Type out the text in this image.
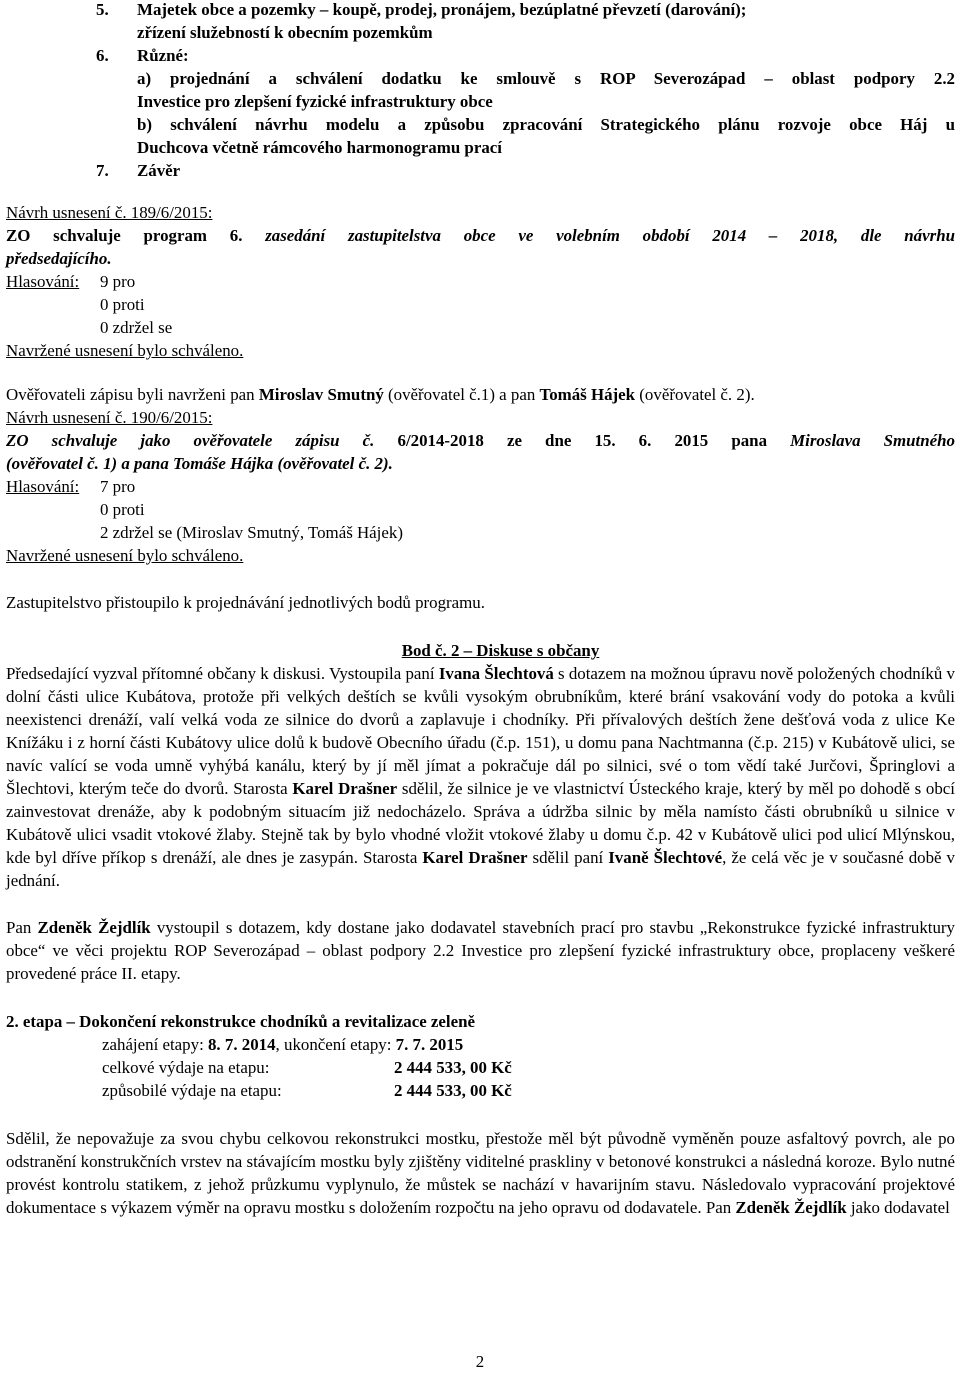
5. Majetek obce a pozemky – koupě, prodej, pronájem, bezúplatné převzetí (darování);
zřízení služebností k obecním pozemkům
6. Různé:
a) projednání a schválení dodatku ke smlouvě s ROP Severozápad – oblast podpory 2.2
Investice pro zlepšení fyzické infrastruktury obce
b) schválení návrhu modelu a způsobu zpracování Strategického plánu rozvoje obce Háj u
Duchcova včetně rámcového harmonogramu prací
7. Závěr
Návrh usnesení č. 189/6/2015:
ZO schvaluje program 6. zasedání zastupitelstva obce ve volebním období 2014 – 2018, dle návrhu
předsedajícího.
Hlasování:	9 pro
0 proti
0 zdržel se
Navržené usnesení bylo schváleno.
Ověřovateli zápisu byli navrženi pan Miroslav Smutný (ověřovatel č.1) a pan Tomáš Hájek (ověřovatel č. 2).
Návrh usnesení č. 190/6/2015:
ZO schvaluje jako ověřovatele zápisu č. 6/2014-2018 ze dne 15. 6. 2015 pana Miroslava Smutného
(ověřovatel č. 1) a pana Tomáše Hájka (ověřovatel č. 2).
Hlasování:	7 pro
0 proti
2 zdržel se (Miroslav Smutný, Tomáš Hájek)
Navržené usnesení bylo schváleno.
Zastupitelstvo přistoupilo k projednávání jednotlivých bodů programu.
Bod č. 2 – Diskuse s občany
Předsedající vyzval přítomné občany k diskusi. Vystoupila paní Ivana Šlechtová s dotazem na možnou úpravu nově položených chodníků v dolní části ulice Kubátova, protože při velkých deštích se kvůli vysokým obrubníkům, které brání vsakování vody do potoka a kvůli neexistenci drenáží, valí velká voda ze silnice do dvorů a zaplavuje i chodníky. Při přívalových deštích žene dešťová voda z ulice Ke Knížáku i z horní části Kubátovy ulice dolů k budově Obecního úřadu (č.p. 151), u domu pana Nachtmanna (č.p. 215) v Kubátově ulici, se navíc valící se voda umně vyhýbá kanálu, který by jí měl jímat a pokračuje dál po silnici, své o tom vědí také Jurčovi, Špringlovi a Šlechtovi, kterým teče do dvorů. Starosta Karel Drašner sdělil, že silnice je ve vlastnictví Ústeckého kraje, který by měl po dohodě s obcí zainvestovat drenáže, aby k podobným situacím již nedocházelo. Správa a údržba silnic by měla namísto části obrubníků u silnice v Kubátově ulici vsadit vtokové žlaby. Stejně tak by bylo vhodné vložit vtokové žlaby u domu č.p. 42 v Kubátově ulici pod ulicí Mlýnskou, kde byl dříve příkop s drenáží, ale dnes je zasypán. Starosta Karel Drašner sdělil paní Ivaně Šlechtové, že celá věc je v současné době v jednání.
Pan Zdeněk Žejdlík vystoupil s dotazem, kdy dostane jako dodavatel stavebních prací pro stavbu „Rekonstrukce fyzické infrastruktury obce“ ve věci projektu ROP Severozápad – oblast podpory 2.2 Investice pro zlepšení fyzické infrastruktury obce, proplaceny veškeré provedené práce II. etapy.
2. etapa – Dokončení rekonstrukce chodníků a revitalizace zeleně
zahájení etapy: 8. 7. 2014, ukončení etapy: 7. 7. 2015
celkové výdaje na etapu:	2 444 533, 00 Kč
způsobilé výdaje na etapu:	2 444 533, 00 Kč
Sdělil, že nepovažuje za svou chybu celkovou rekonstrukci mostku, přestože měl být původně vyměněn pouze asfaltový povrch, ale po odstranění konstrukčních vrstev na stávajícím mostku byly zjištěny viditelné praskliny v betonové konstrukci a následná koroze. Bylo nutné provést kontrolu statikem, z jehož průzkumu vyplynulo, že můstek se nachází v havarijním stavu. Následovalo vypracování projektové dokumentace s výkazem výměr na opravu mostku s doložením rozpočtu na jeho opravu od dodavatele. Pan Zdeněk Žejdlík jako dodavatel
2
